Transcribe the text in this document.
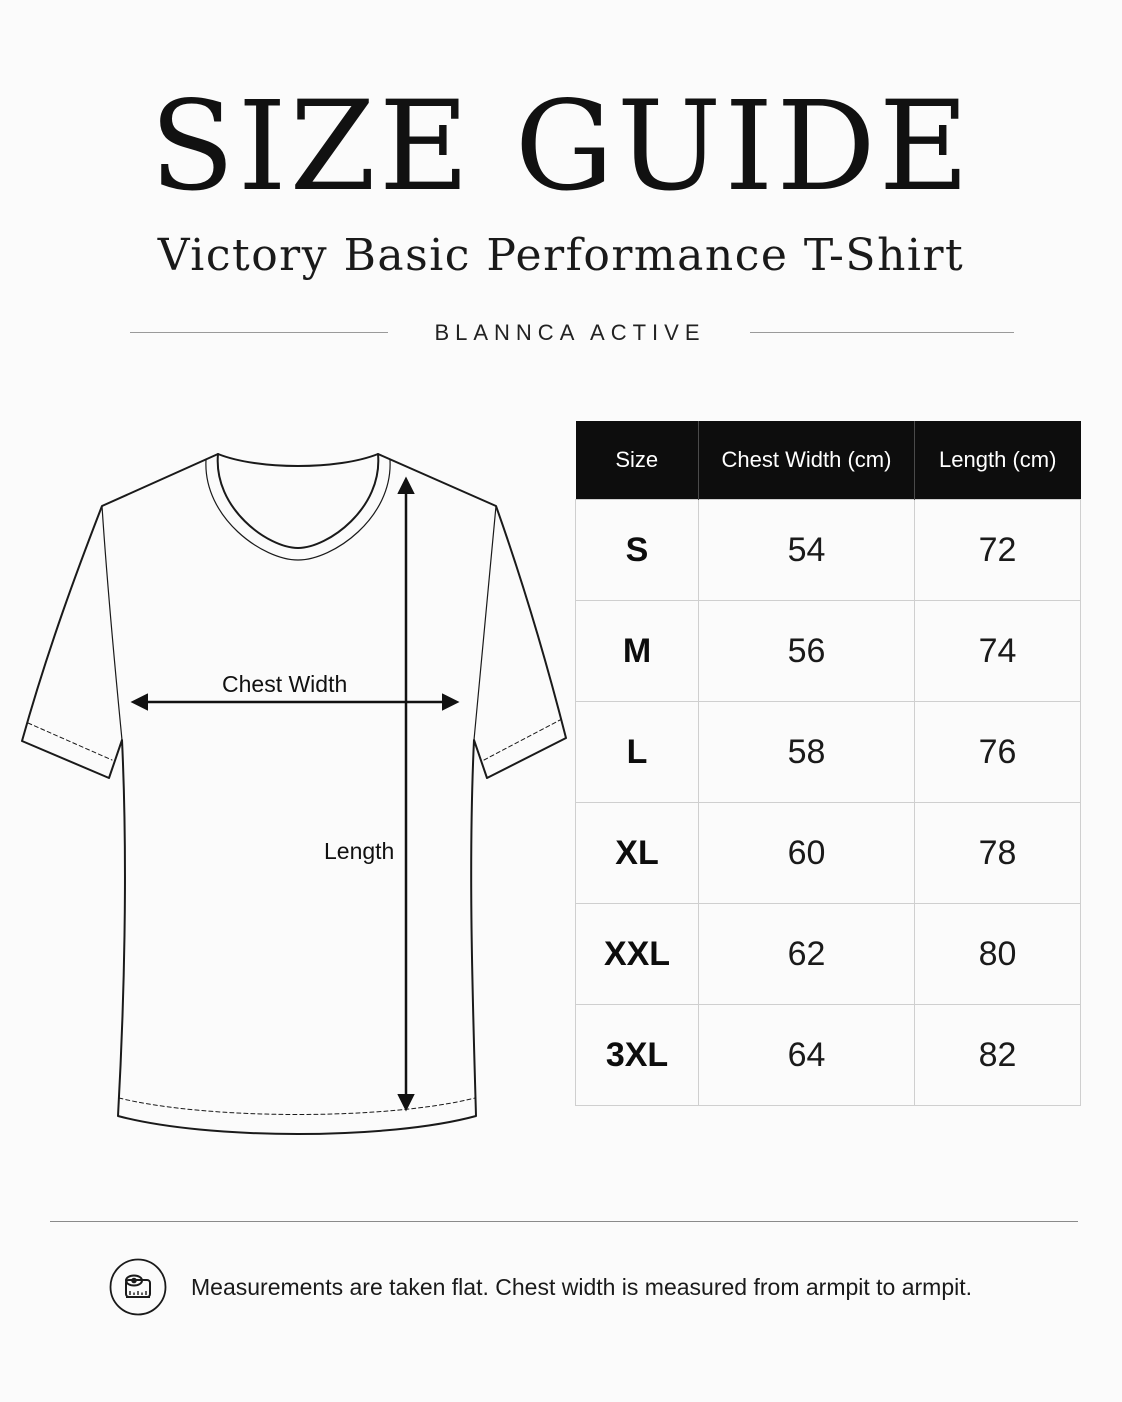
SIZE GUIDE
Victory Basic Performance T-Shirt
BLANNCA ACTIVE
Chest Width
Length
Size	Chest Width (cm)	Length (cm)
S	54	72
M	56	74
L	58	76
XL	60	78
XXL	62	80
3XL	64	82
Measurements are taken flat. Chest width is measured from armpit to armpit.
